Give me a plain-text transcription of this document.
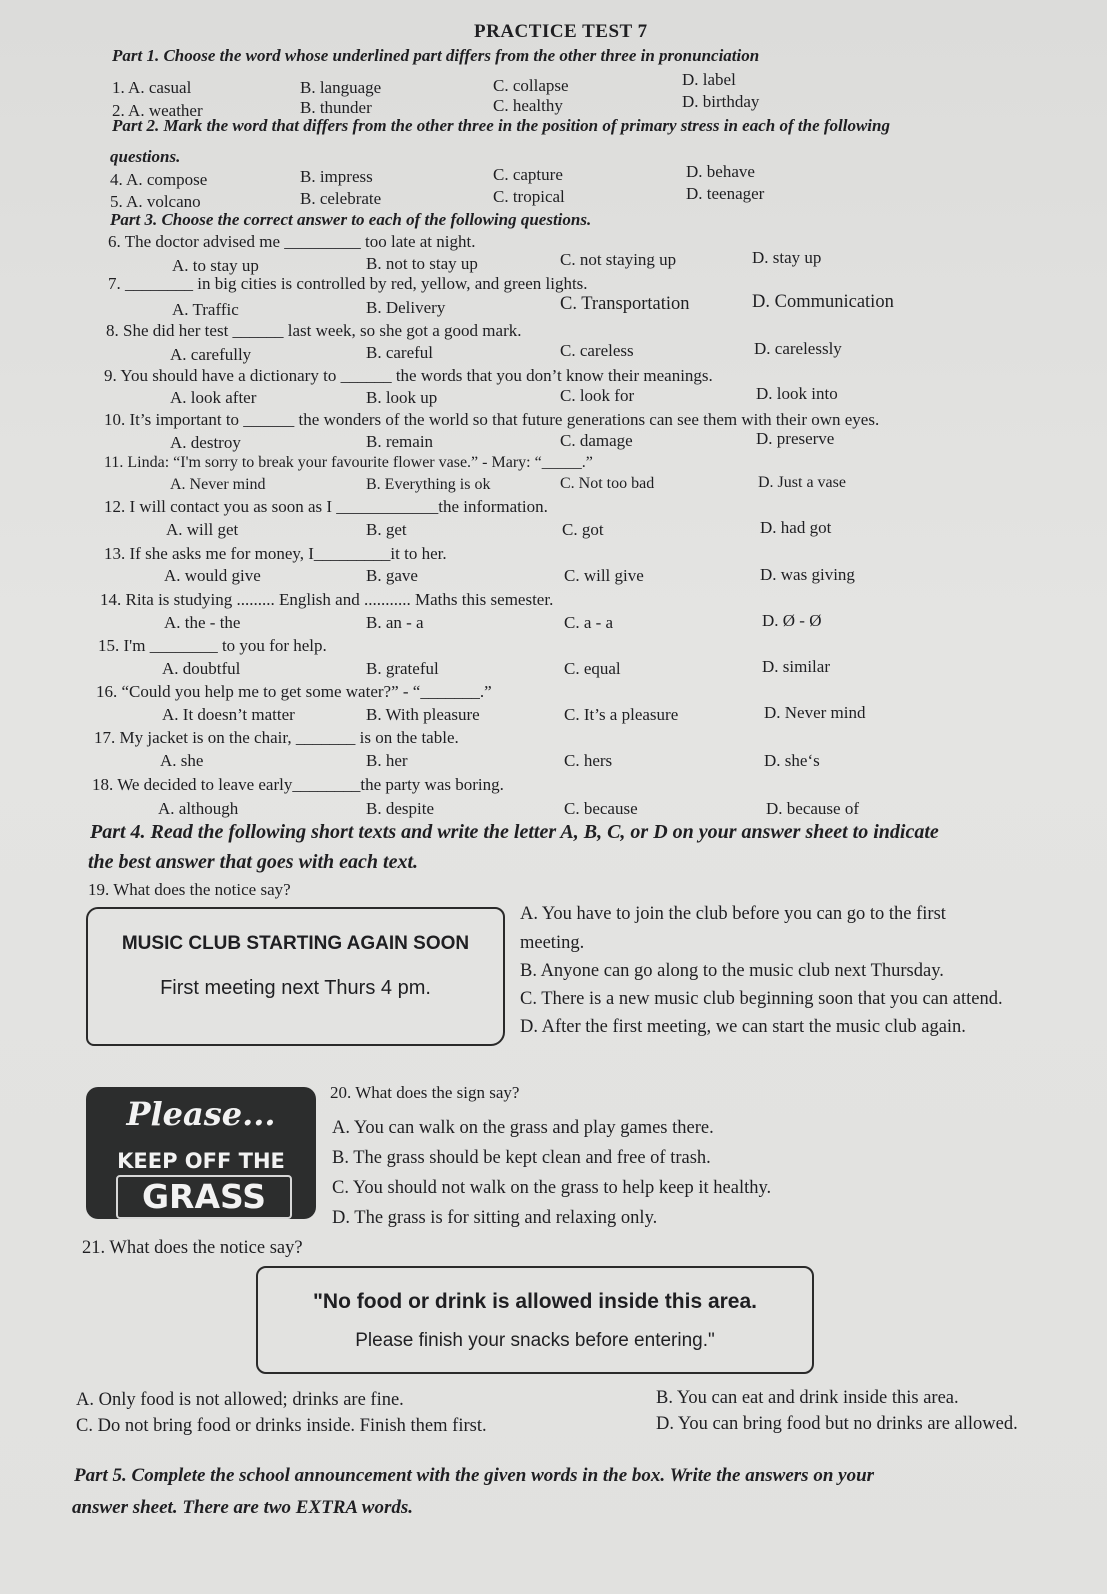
PRACTICE TEST 7
Part 1. Choose the word whose underlined part differs from the other three in pronunciation
1. A. casual	B. language	C. collapse	D. label
2. A. weather	B. thunder	C. healthy	D. birthday
Part 2. Mark the word that differs from the other three in the position of primary stress in each of the following
questions.
4. A. compose	B. impress	C. capture	D. behave
5. A. volcano	B. celebrate	C. tropical	D. teenager
Part 3. Choose the correct answer to each of the following questions.
6. The doctor advised me _________ too late at night.
A. to stay up	B. not to stay up	C. not staying up	D. stay up
7. ________ in big cities is controlled by red, yellow, and green lights.
A. Traffic	B. Delivery	C. Transportation	D. Communication
8. She did her test ______ last week, so she got a good mark.
A. carefully	B. careful	C. careless	D. carelessly
9. You should have a dictionary to ______ the words that you don’t know their meanings.
A. look after	B. look up	C. look for	D. look into
10. It’s important to ______ the wonders of the world so that future generations can see them with their own eyes.
A. destroy	B. remain	C. damage	D. preserve
11. Linda: “I'm sorry to break your favourite flower vase.” - Mary: “_____.”
A. Never mind	B. Everything is ok	C. Not too bad	D. Just a vase
12. I will contact you as soon as I ____________the information.
A. will get	B. get	C. got	D. had got
13. If she asks me for money, I_________it to her.
A. would give	B. gave	C. will give	D. was giving
14. Rita is studying ......... English and ........... Maths this semester.
A. the - the	B. an - a	C. a - a	D. Ø - Ø
15. I'm ________ to you for help.
A. doubtful	B. grateful	C. equal	D. similar
16. “Could you help me to get some water?” - “_______.”
A. It doesn’t matter	B. With pleasure	C. It’s a pleasure	D. Never mind
17. My jacket is on the chair, _______ is on the table.
A. she	B. her	C. hers	D. she‘s
18. We decided to leave early________the party was boring.
A. although	B. despite	C. because	D. because of
Part 4. Read the following short texts and write the letter A, B, C, or D on your answer sheet to indicate
the best answer that goes with each text.
19. What does the notice say?
MUSIC CLUB STARTING AGAIN SOON
First meeting next Thurs 4 pm.
A. You have to join the club before you can go to the first
meeting.
B. Anyone can go along to the music club next Thursday.
C. There is a new music club beginning soon that you can attend.
D. After the first meeting, we can start the music club again.
20. What does the sign say?
Please...
KEEP OFF THE
GRASS
A. You can walk on the grass and play games there.
B. The grass should be kept clean and free of trash.
C. You should not walk on the grass to help keep it healthy.
D. The grass is for sitting and relaxing only.
21. What does the notice say?
"No food or drink is allowed inside this area.
Please finish your snacks before entering."
A. Only food is not allowed; drinks are fine.	B. You can eat and drink inside this area.
C. Do not bring food or drinks inside. Finish them first.	D. You can bring food but no drinks are allowed.
Part 5. Complete the school announcement with the given words in the box. Write the answers on your
answer sheet. There are two EXTRA words.
